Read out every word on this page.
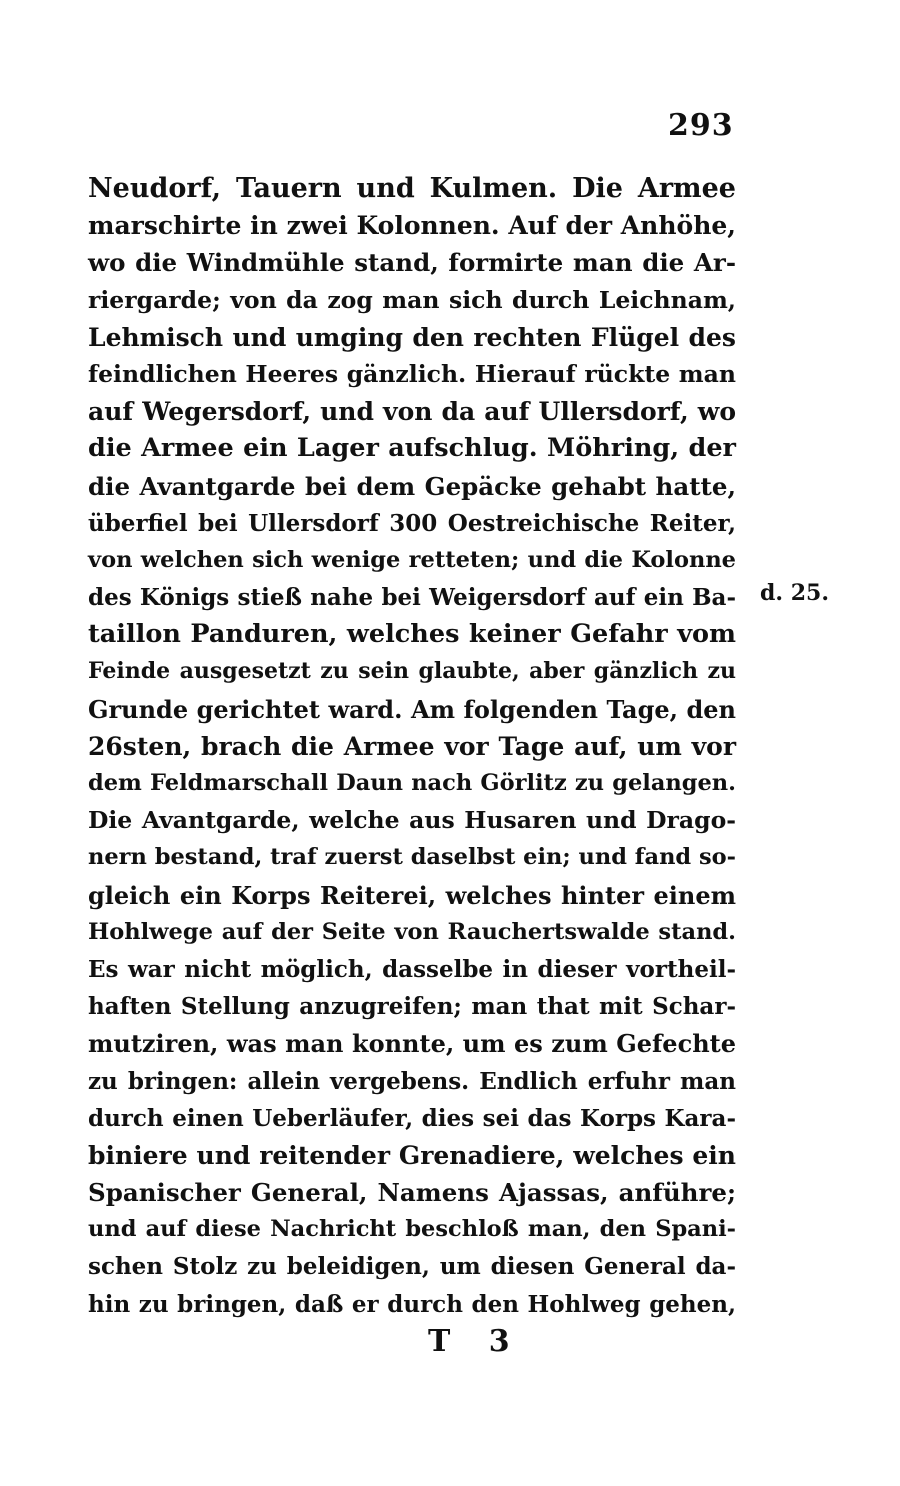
293
Neudorf, Tauern und Kulmen. Die Armee
marschirte in zwei Kolonnen. Auf der Anhöhe,
wo die Windmühle stand, formirte man die Ar-
riergarde; von da zog man sich durch Leichnam,
Lehmisch und umging den rechten Flügel des
feindlichen Heeres gänzlich. Hierauf rückte man
auf Wegersdorf, und von da auf Ullersdorf, wo
die Armee ein Lager aufschlug. Möhring, der
die Avantgarde bei dem Gepäcke gehabt hatte,
überfiel bei Ullersdorf 300 Oestreichische Reiter,
von welchen sich wenige retteten; und die Kolonne
des Königs stieß nahe bei Weigersdorf auf ein Ba-
taillon Panduren, welches keiner Gefahr vom
Feinde ausgesetzt zu sein glaubte, aber gänzlich zu
Grunde gerichtet ward. Am folgenden Tage, den
26sten, brach die Armee vor Tage auf, um vor
dem Feldmarschall Daun nach Görlitz zu gelangen.
Die Avantgarde, welche aus Husaren und Drago-
nern bestand, traf zuerst daselbst ein; und fand so-
gleich ein Korps Reiterei, welches hinter einem
Hohlwege auf der Seite von Rauchertswalde stand.
Es war nicht möglich, dasselbe in dieser vortheil-
haften Stellung anzugreifen; man that mit Schar-
mutziren, was man konnte, um es zum Gefechte
zu bringen: allein vergebens. Endlich erfuhr man
durch einen Ueberläufer, dies sei das Korps Kara-
biniere und reitender Grenadiere, welches ein
Spanischer General, Namens Ajassas, anführe;
und auf diese Nachricht beschloß man, den Spani-
schen Stolz zu beleidigen, um diesen General da-
hin zu bringen, daß er durch den Hohlweg gehen,
d. 25.
T 3
